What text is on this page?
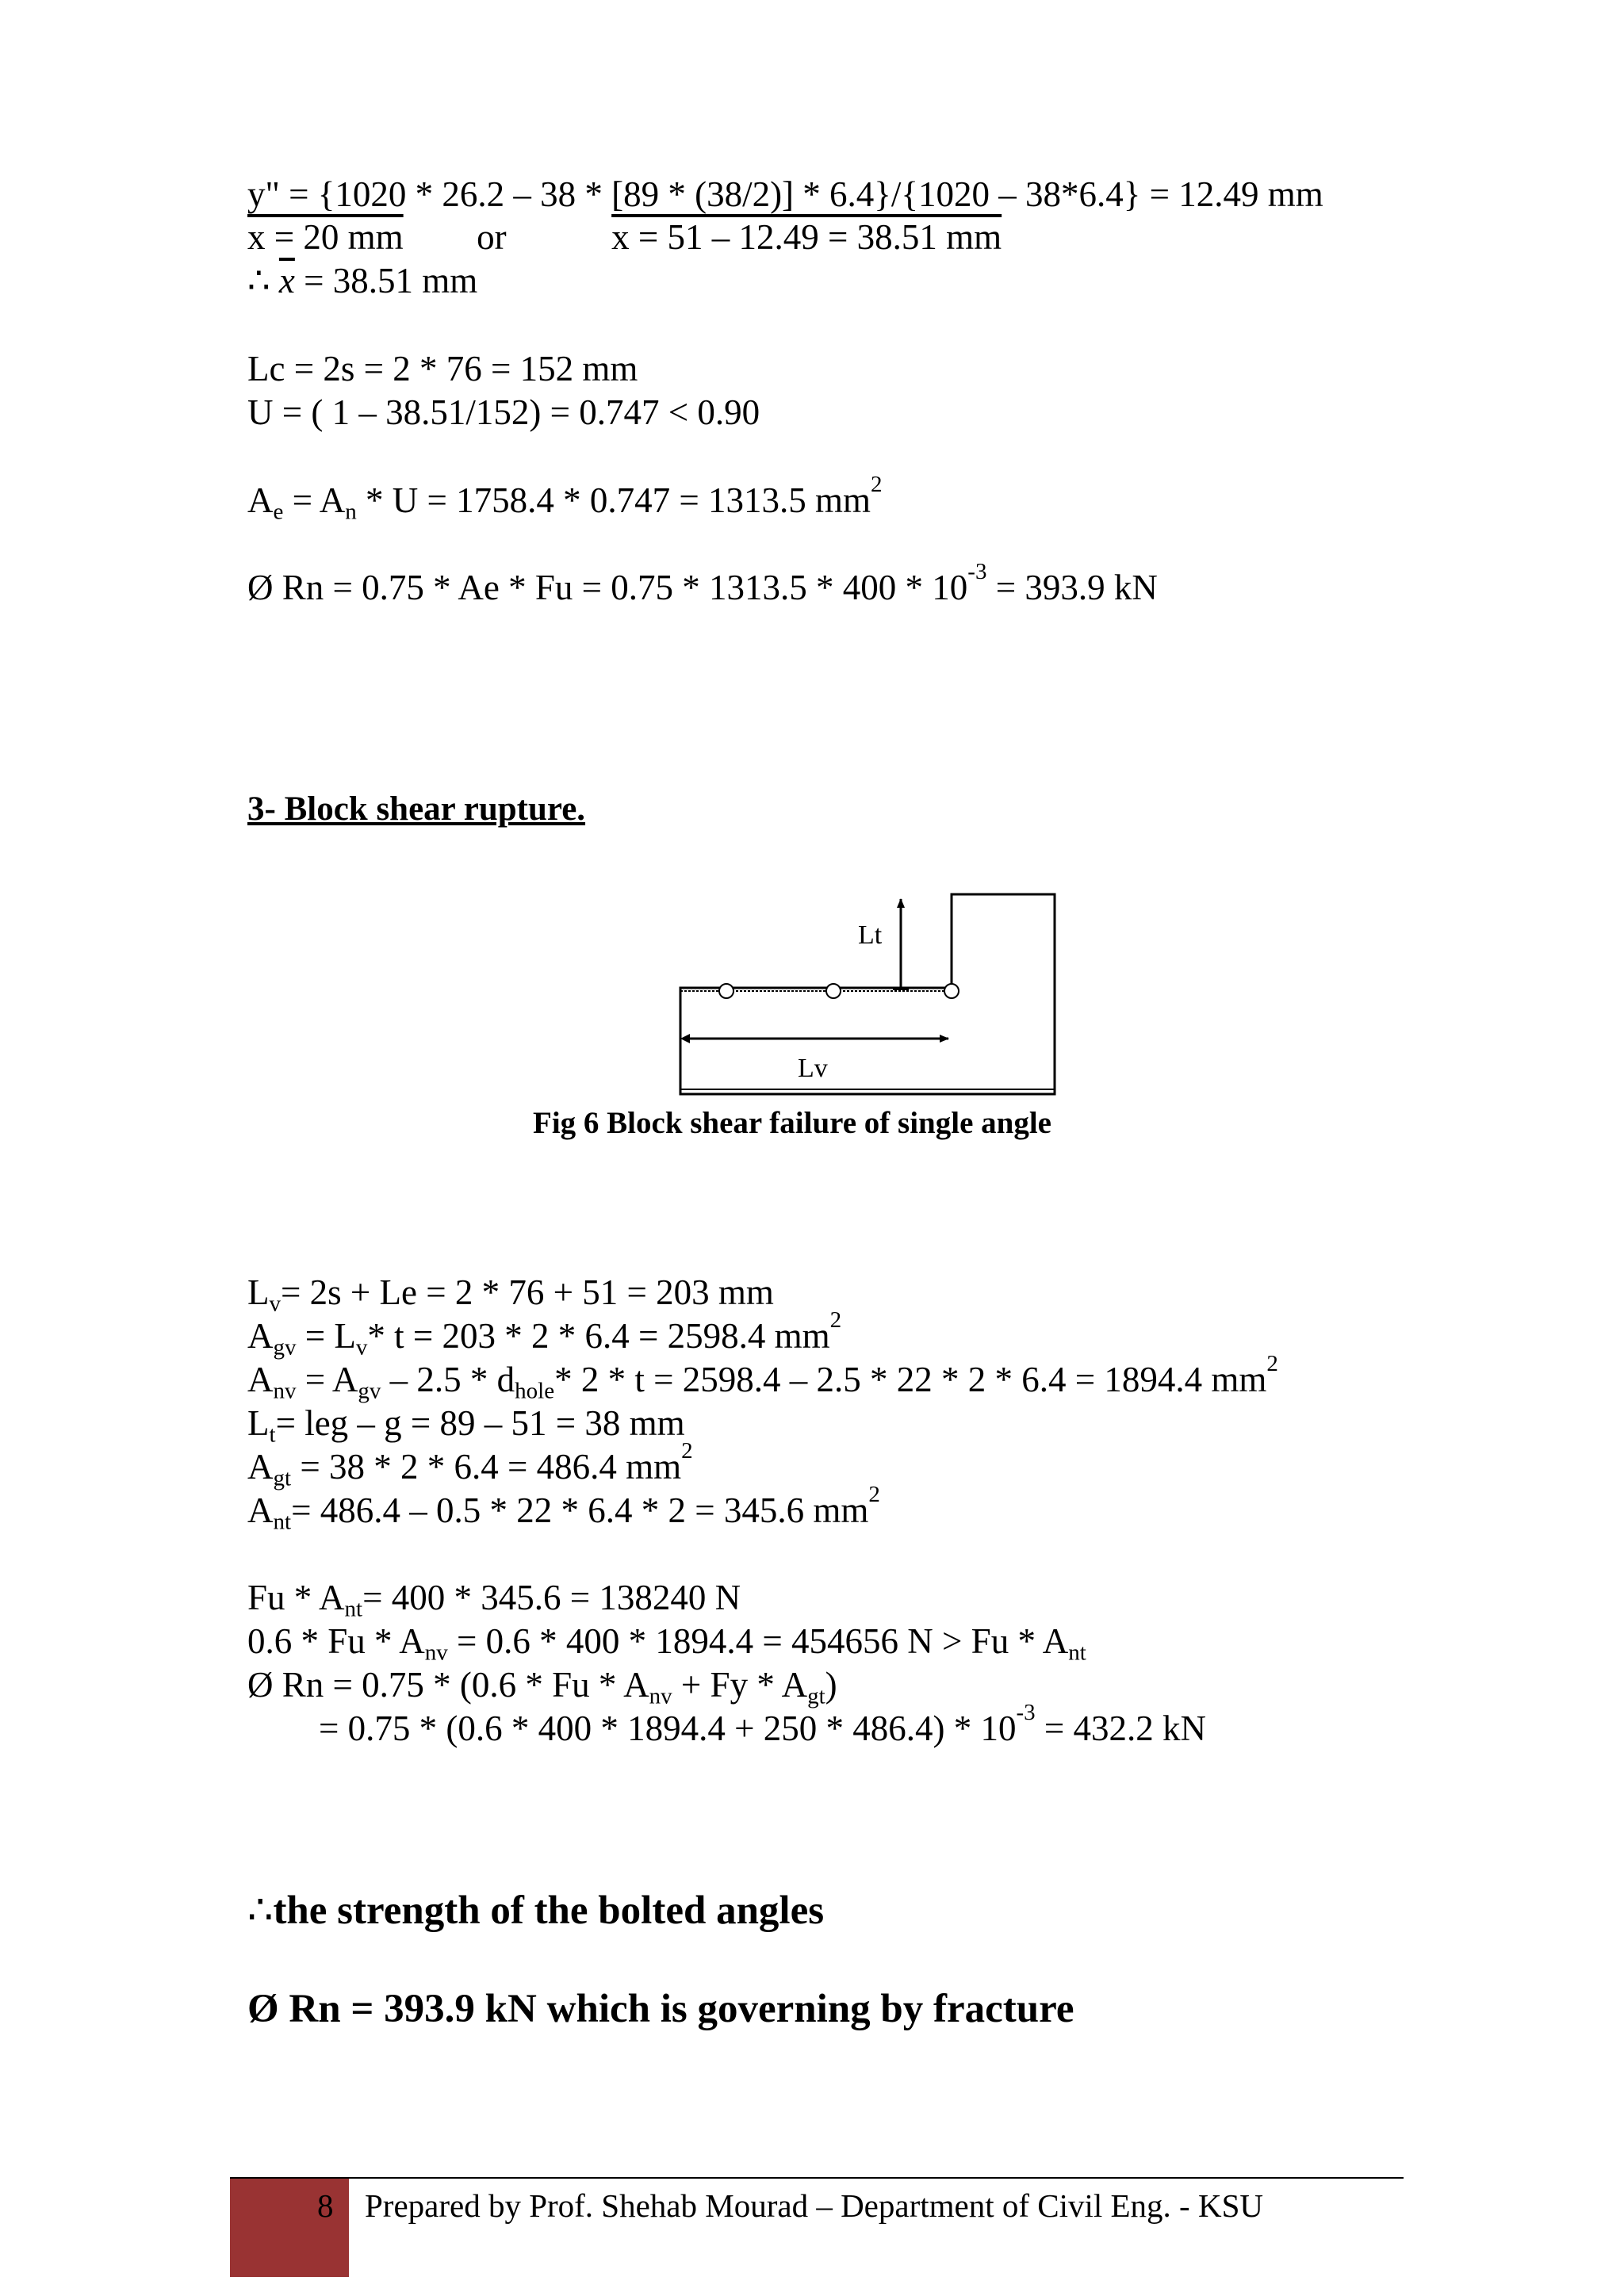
y" = {1020 * 26.2 – 38 * [89 * (38/2)] * 6.4}/{1020 – 38*6.4} = 12.49 mm

x = 20 mm or	x = 51 – 12.49 = 38.51 mm

∴ $\overline{x} = 38.51$ mm

Lc = 2s = 2 * 76 = 152 mm

U = ( 1 – 38.51/152) = 0.747 < 0.90

$A_e = A_n * U = 1758.4 * 0.747 = 1313.5$ $mm^2$

Ø $Rn = 0.75 * Ae * Fu = 0.75 * 1313.5 * 400 * 10^{-3} = 393.9$ kN

3- Block shear rupture.

Lt
Lv

Fig 6 Block shear failure of single angle

$L_v= 2s + Le = 2 * 76 + 51 = 203$ mm

$A_{gv} = L_v*$ t = 203 * 2 * 6.4 = 2598.4 $mm^2$

$A_{nv} = A_{gv} - 2.5 * d_{hole}*$ 2 * t = 2598.4 – 2.5 * 22 * 2 * 6.4 = 1894.4 $mm^2$

$L_t=$ leg – g = 89 – 51 = 38 mm

$A_{gt} = 38 * 2 * 6.4 = 486.4$ $mm^2$

$A_{nt}= 486.4 - 0.5 * 22 * 6.4 * 2 = 345.6$ $mm^2$

$Fu * A_{nt}= 400 * 345.6 = 138240$ N

$0.6 * Fu * A_{nv} = 0.6 * 400 * 1894.4 = 454656$ $N > Fu * A_{nt}$

Ø $Rn = 0.75 * (0.6 * Fu * A_{nv} + Fy * A_{gt})$

= $0.75 * (0.6 * 400 * 1894.4 + 250 * 486.4) * 10^{-3} = 432.2$ kN

∴the strength of the bolted angles

Ø Rn = 393.9 kN which is governing by fracture

8 Prepared by Prof. Shehab Mourad – Department of Civil Eng. - KSU
